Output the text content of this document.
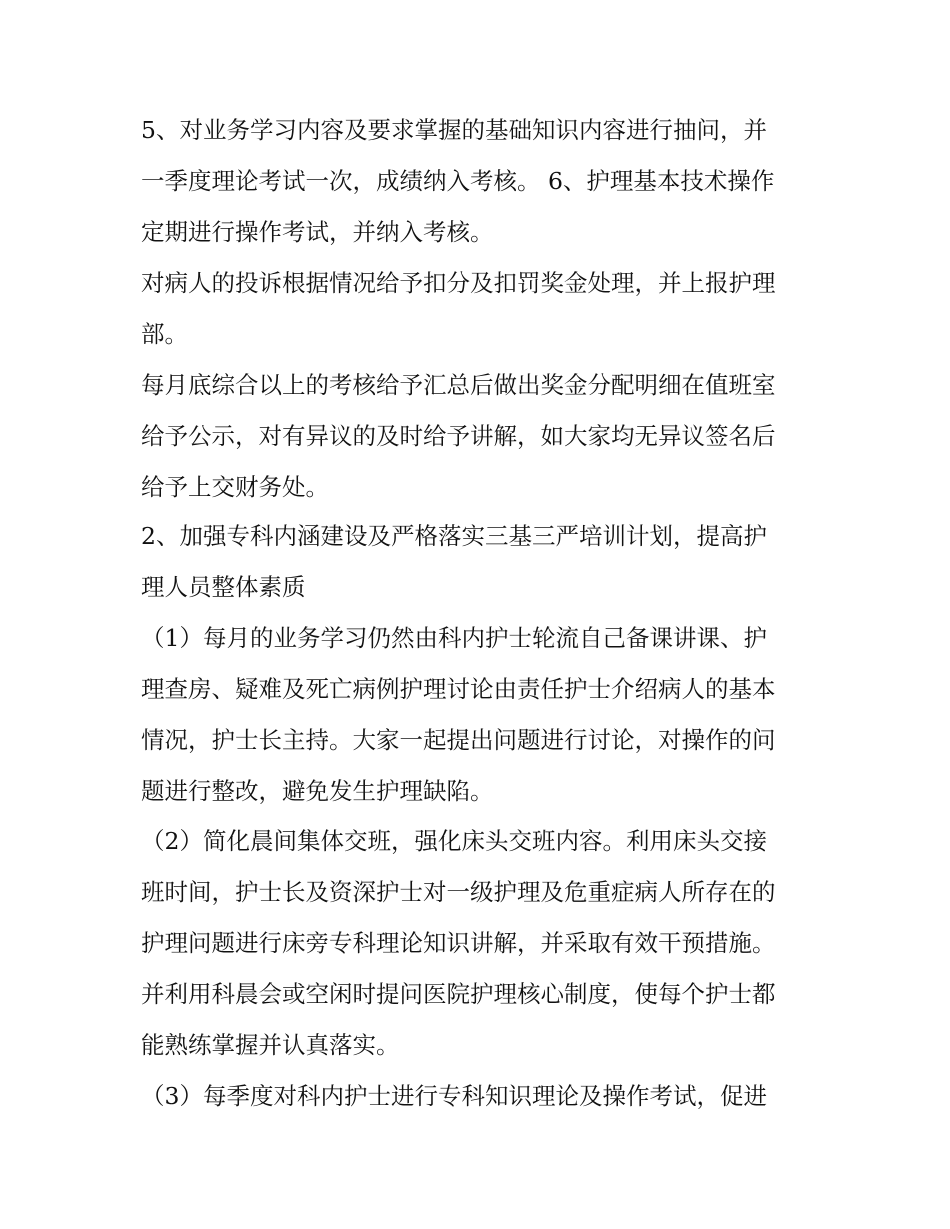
5、对业务学习内容及要求掌握的基础知识内容进行抽问，并

一季度理论考试一次，成绩纳入考核。 6、护理基本技术操作

定期进行操作考试，并纳入考核。

对病人的投诉根据情况给予扣分及扣罚奖金处理，并上报护理

部。

每月底综合以上的考核给予汇总后做出奖金分配明细在值班室

给予公示，对有异议的及时给予讲解，如大家均无异议签名后

给予上交财务处。

2、加强专科内涵建设及严格落实三基三严培训计划，提高护

理人员整体素质

（1）每月的业务学习仍然由科内护士轮流自己备课讲课、护

理查房、疑难及死亡病例护理讨论由责任护士介绍病人的基本

情况，护士长主持。大家一起提出问题进行讨论，对操作的问

题进行整改，避免发生护理缺陷。

（2）简化晨间集体交班，强化床头交班内容。利用床头交接

班时间，护士长及资深护士对一级护理及危重症病人所存在的

护理问题进行床旁专科理论知识讲解，并采取有效干预措施。

并利用科晨会或空闲时提问医院护理核心制度，使每个护士都

能熟练掌握并认真落实。

（3）每季度对科内护士进行专科知识理论及操作考试，促进
